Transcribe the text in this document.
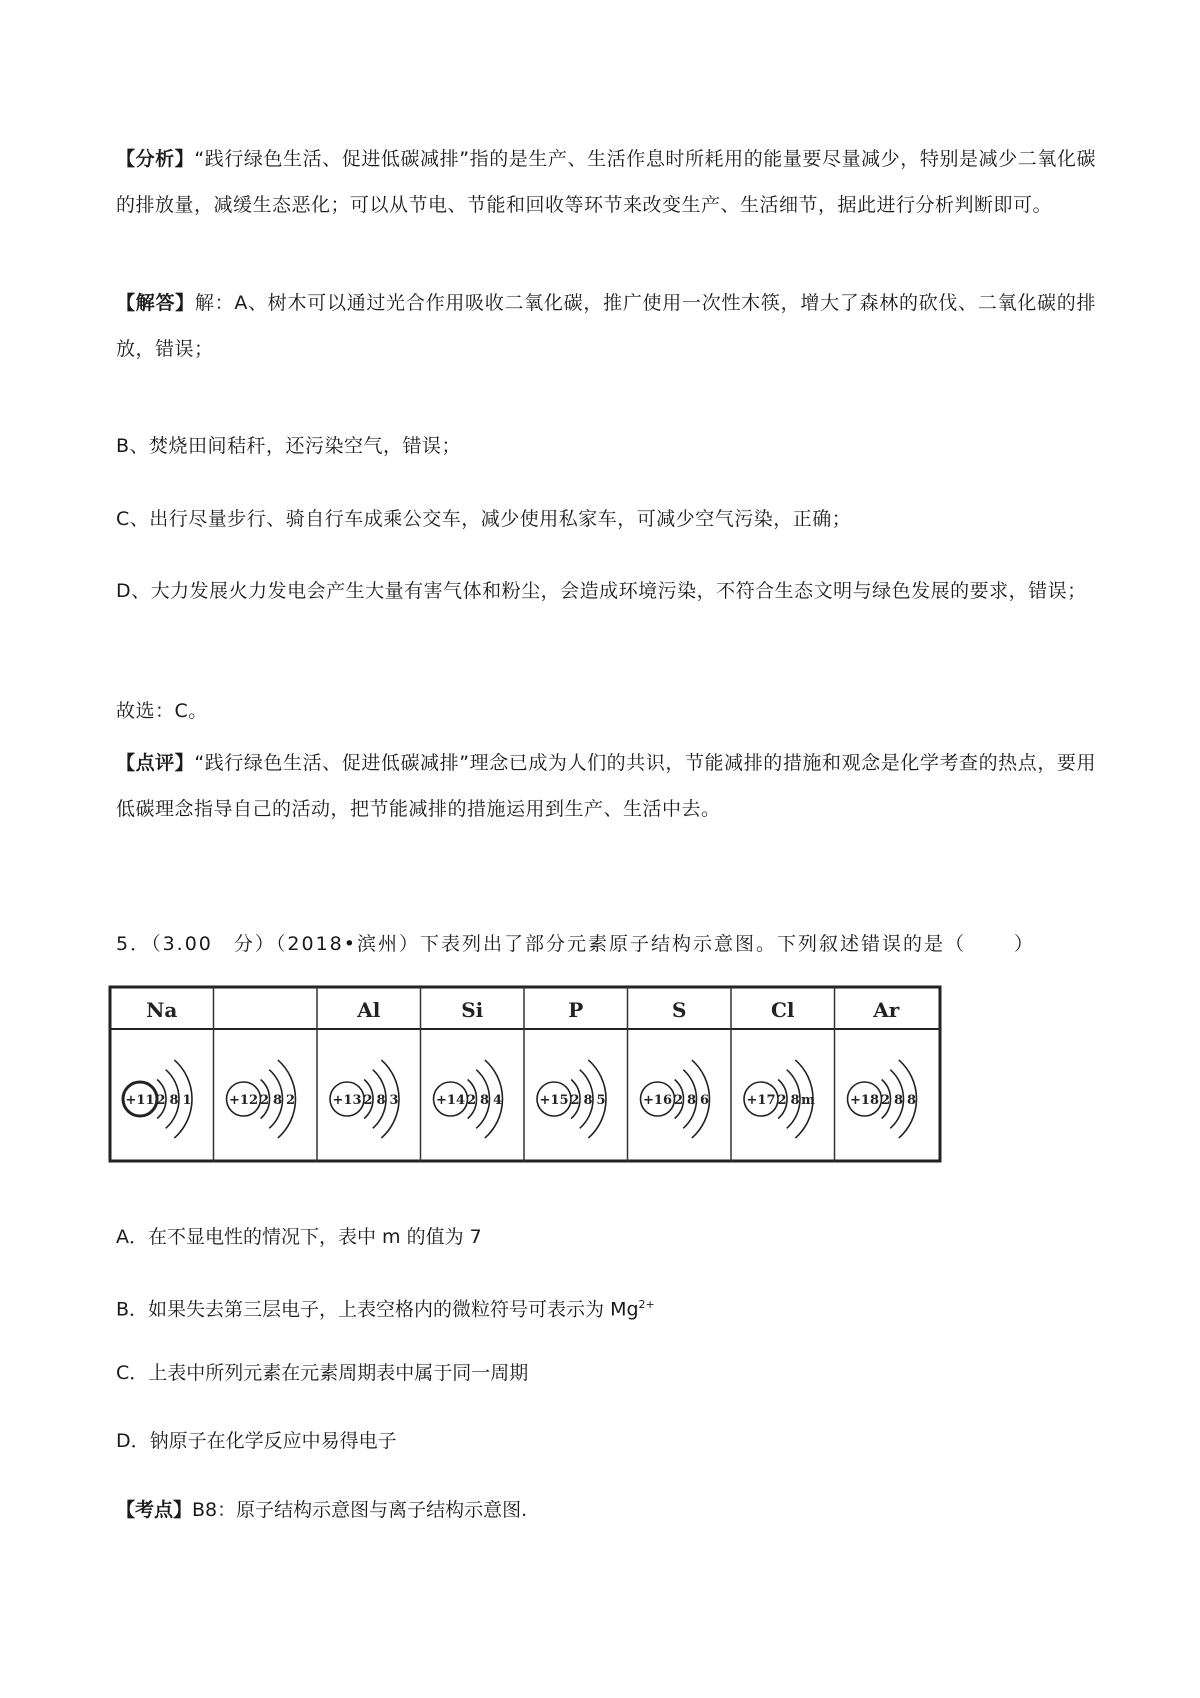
【分析】“践行绿色生活、促进低碳减排”指的是生产、生活作息时所耗用的能量要尽量减少，特别是减少二氧化碳的排放量，减缓生态恶化；可以从节电、节能和回收等环节来改变生产、生活细节，据此进行分析判断即可。

【解答】解：A、树木可以通过光合作用吸收二氧化碳，推广使用一次性木筷，增大了森林的砍伐、二氧化碳的排放，错误；

B、焚烧田间秸秆，还污染空气，错误；

C、出行尽量步行、骑自行车成乘公交车，减少使用私家车，可减少空气污染，正确；

D、大力发展火力发电会产生大量有害气体和粉尘，会造成环境污染，不符合生态文明与绿色发展的要求，错误；

故选：C。

【点评】“践行绿色生活、促进低碳减排”理念已成为人们的共识，节能减排的措施和观念是化学考查的热点，要用低碳理念指导自己的活动，把节能减排的措施运用到生产、生活中去。

5．（3.00　分）（2018•滨州）下表列出了部分元素原子结构示意图。下列叙述错误的是（	）
Na
+11 2 8 1	+12 2 8 2
Al
+13 2 8 3
Si
+14 2 8 4
P
+15 2 8 5
S
+16 2 8 6
Cl
+17 2 8 m
Ar
+18 2 8 8
A．在不显电性的情况下，表中 m 的值为 7
B．如果失去第三层电子，上表空格内的微粒符号可表示为 $Mg^{2+}$
C．上表中所列元素在元素周期表中属于同一周期
D．钠原子在化学反应中易得电子
【考点】B8：原子结构示意图与离子结构示意图.
